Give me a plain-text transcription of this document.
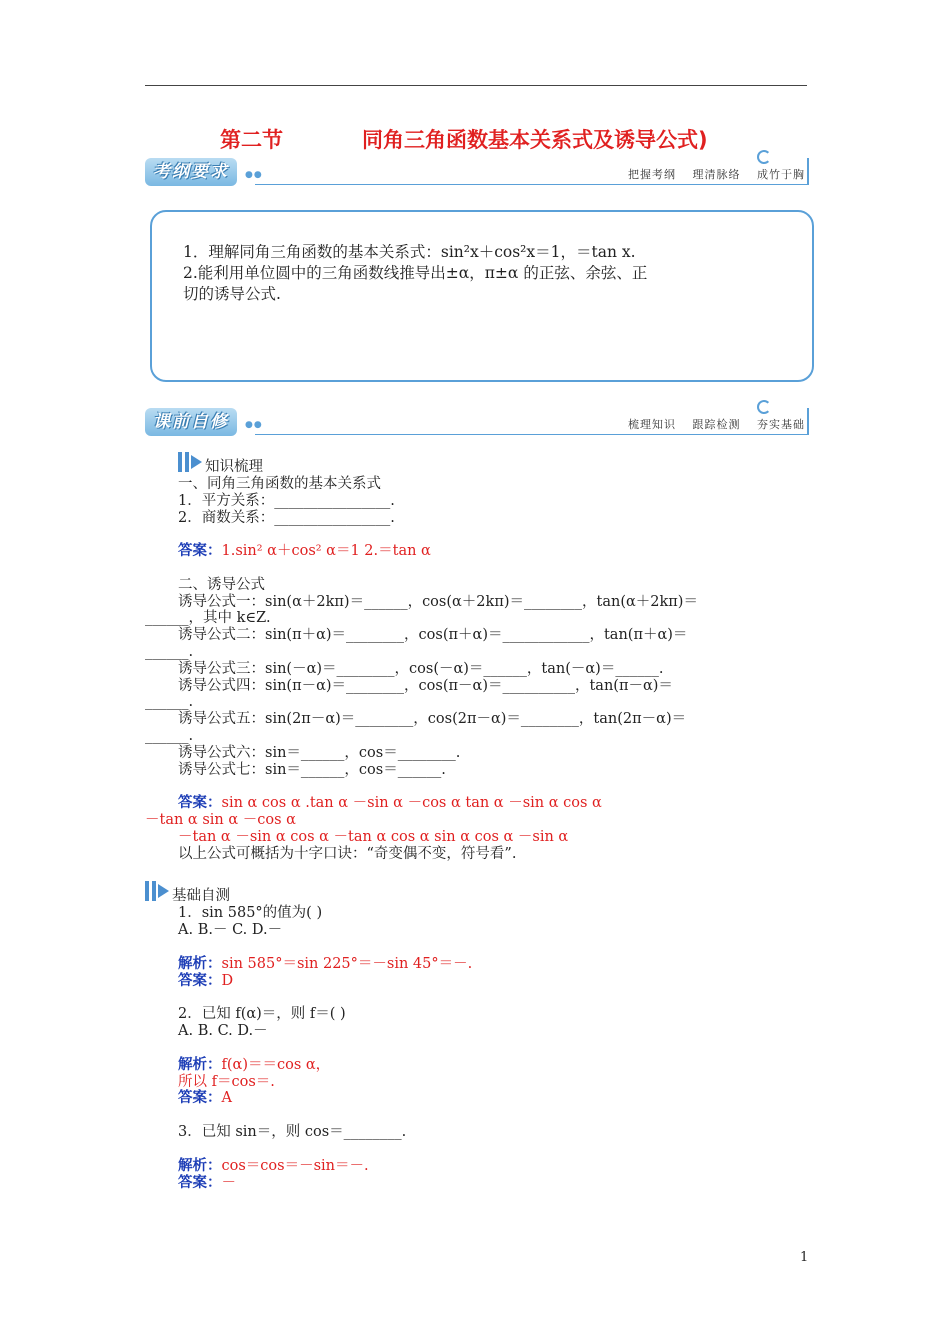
第二节	同角三角函数基本关系式及诱导公式)
考纲要求	●●	把握考纲 理清脉络 成竹于胸
1．理解同角三角函数的基本关系式：sin²x＋cos²x＝1，＝tan x.
2.能利用单位圆中的三角函数线推导出±α，π±α 的正弦、余弦、正
切的诱导公式.
课前自修	●●	梳理知识 跟踪检测 夯实基础
知识梳理
一、同角三角函数的基本关系式
1．平方关系：________________.
2．商数关系：________________.
答案：1.sin² α＋cos² α＝1 2.＝tan α
二、诱导公式
诱导公式一：sin(α＋2kπ)＝______，cos(α＋2kπ)＝________，tan(α＋2kπ)＝
______，其中 k∈Z.
诱导公式二：sin(π＋α)＝________，cos(π＋α)＝____________，tan(π＋α)＝
______.
诱导公式三：sin(－α)＝________，cos(－α)＝______，tan(－α)＝______.
诱导公式四：sin(π－α)＝________，cos(π－α)＝__________，tan(π－α)＝
______.
诱导公式五：sin(2π－α)＝________，cos(2π－α)＝________，tan(2π－α)＝
______.
诱导公式六：sin＝______，cos＝________.
诱导公式七：sin＝______，cos＝______.
答案：sin α cos α .tan α －sin α －cos α tan α －sin α cos α
－tan α sin α －cos α
－tan α －sin α cos α －tan α cos α sin α cos α －sin α
以上公式可概括为十字口诀：“奇变偶不变，符号看”.
基础自测
1．sin 585°的值为( )
A. B.－ C. D.－
解析：sin 585°＝sin 225°＝－sin 45°＝－.
答案：D
2．已知 f(α)＝，则 f＝( )
A. B. C. D.－
解析：f(α)＝＝cos α，
所以 f＝cos＝.
答案：A
3．已知 sin＝，则 cos＝________.
解析：cos＝cos＝－sin＝－.
答案：－
1
